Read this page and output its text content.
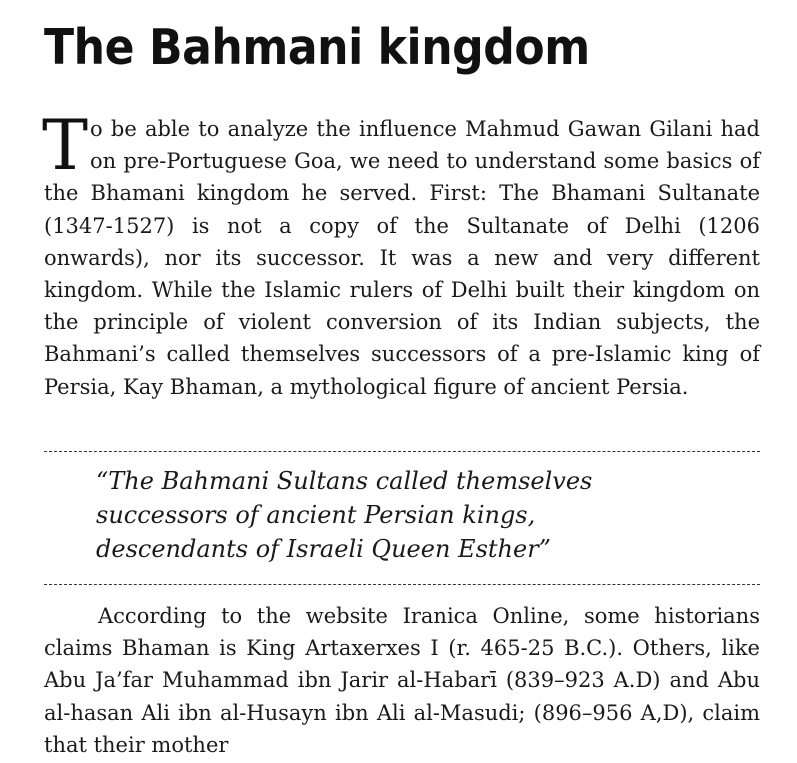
The Bahmani kingdom

To be able to analyze the influence Mahmud Gawan Gilani had on pre-Portuguese Goa, we need to understand some basics of the Bhamani kingdom he served. First: The Bhamani Sultanate (1347-1527) is not a copy of the Sultanate of Delhi (1206 onwards), nor its successor. It was a new and very different kingdom. While the Islamic rulers of Delhi built their kingdom on the principle of violent conversion of its Indian subjects, the Bahmani’s called themselves successors of a pre-Islamic king of Persia, Kay Bhaman, a mythological figure of ancient Persia.

“The Bahmani Sultans called themselves
successors of ancient Persian kings,
descendants of Israeli Queen Esther”

According to the website Iranica Online, some historians claims Bhaman is King Artaxerxes I (r. 465-25 B.C.). Others, like Abu Ja’far Muhammad ibn Jarir al-Habarī (839–923 A.D) and Abu al-hasan Ali ibn al-Husayn ibn Ali al-Masudi; (896–956 A,D), claim that their mother
